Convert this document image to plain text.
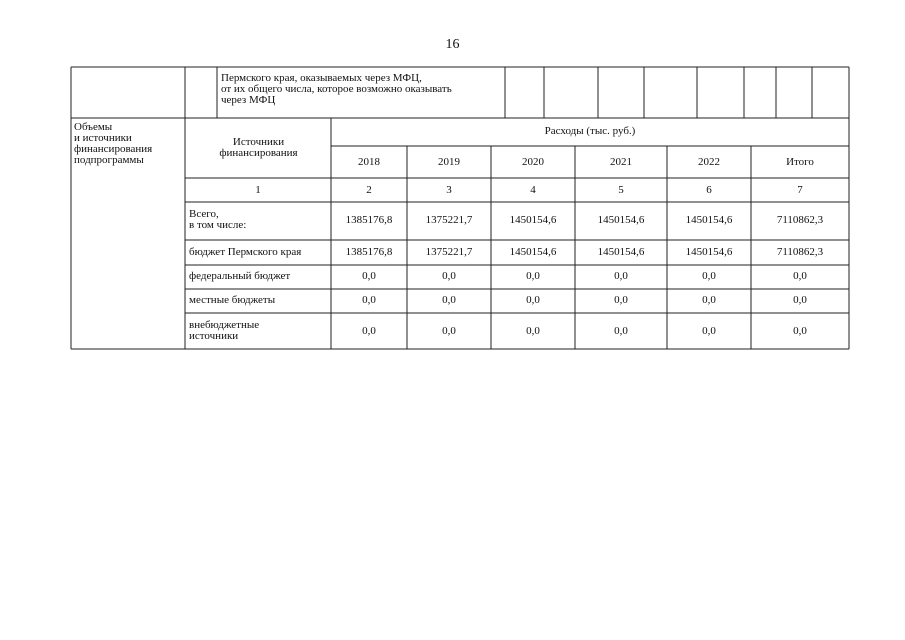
16
Пермского края, оказываемых через МФЦ,
от их общего числа, которое возможно оказывать
через МФЦ
Объемы
и источники
финансирования
подпрограммы
Источники
финансирования
Расходы (тыс. руб.)
2018	2019	2020	2021	2022	Итого
1	2	3	4	5	6	7
Всего,
в том числе:	1385176,8	1375221,7	1450154,6	1450154,6	1450154,6	7110862,3
бюджет Пермского края	1385176,8	1375221,7	1450154,6	1450154,6	1450154,6	7110862,3
федеральный бюджет	0,0	0,0	0,0	0,0	0,0	0,0
местные бюджеты	0,0	0,0	0,0	0,0	0,0	0,0
внебюджетные
источники	0,0	0,0	0,0	0,0	0,0	0,0
